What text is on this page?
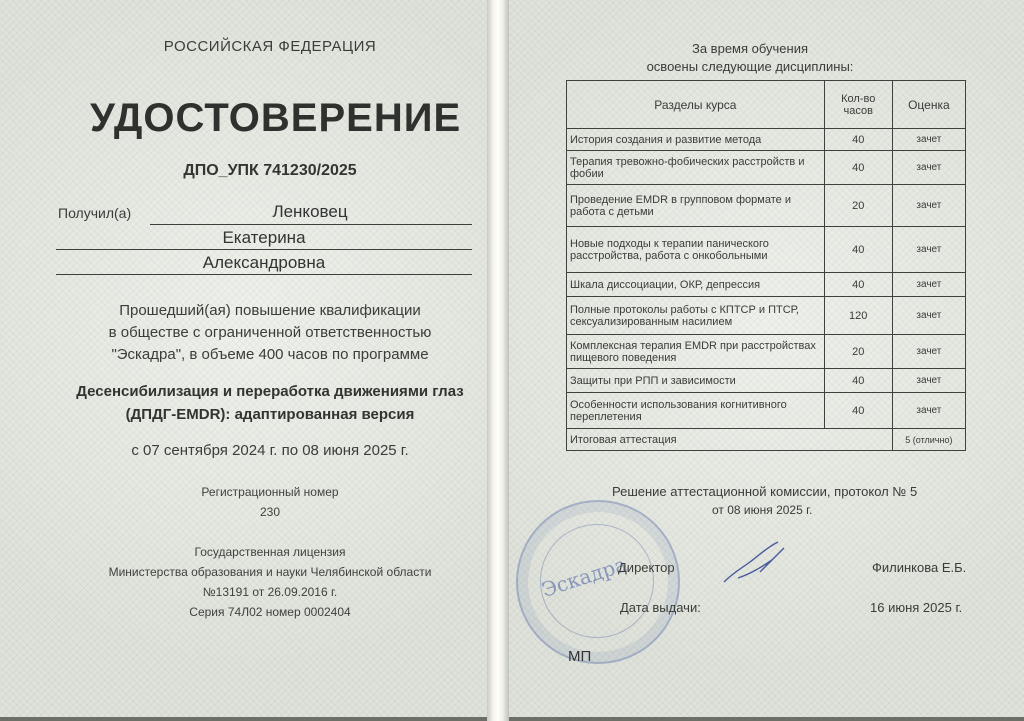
РОССИЙСКАЯ ФЕДЕРАЦИЯ
УДОСТОВЕРЕНИЕ
ДПО_УПК 741230/2025
Получил(а)	Ленковец
Екатерина
Александровна
Прошедший(ая) повышение квалификации
в обществе с ограниченной ответственностью
"Эскадра", в объеме 400 часов по программе
Десенсибилизация и переработка движениями глаз
(ДПДГ-EMDR): адаптированная версия
с 07 сентября 2024 г. по 08 июня 2025 г.
Регистрационный номер
230
Государственная лицензия
Министерства образования и науки Челябинской области
№13191 от 26.09.2016 г.
Серия 74Л02 номер 0002404
За время обучения
освоены следующие дисциплины:
Разделы курса	Кол-во часов	Оценка
История создания и развитие метода	40	зачет
Терапия тревожно-фобических расстройств и фобии	40	зачет
Проведение EMDR в групповом формате и работа с детьми	20	зачет
Новые подходы к терапии панического расстройства, работа с онкобольными	40	зачет
Шкала диссоциации, ОКР, депрессия	40	зачет
Полные протоколы работы с КПТСР и ПТСР, сексуализированным насилием	120	зачет
Комплексная терапия EMDR при расстройствах пищевого поведения	20	зачет
Защиты при РПП и зависимости	40	зачет
Особенности использования когнитивного переплетения	40	зачет
Итоговая аттестация		5 (отлично)
Решение аттестационной комиссии, протокол № 5
от 08 июня 2025 г.
Эскадра
Директор	Филинкова Е.Б.
Дата выдачи:	16 июня 2025 г.
МП
